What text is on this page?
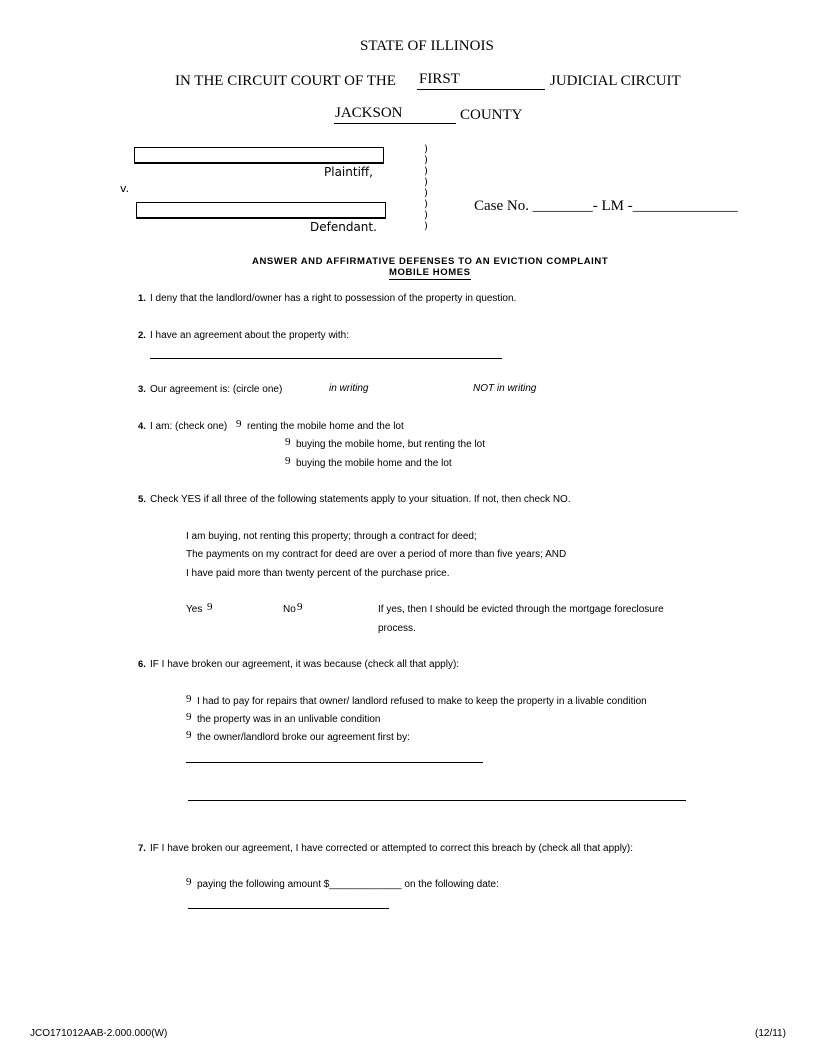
STATE OF ILLINOIS
IN THE CIRCUIT COURT OF THE FIRST	JUDICIAL CIRCUIT
JACKSON	COUNTY
Plaintiff,
v.
Defendant.
)
)
)
)
)
)
)
)
Case No. ________- LM -______________
ANSWER AND AFFIRMATIVE DEFENSES TO AN EVICTION COMPLAINT
MOBILE HOMES
1. I deny that the landlord/owner has a right to possession of the property in question.
2. I have an agreement about the property with:
3. Our agreement is: (circle one)	in writing	NOT in writing
4. I am: (check one) 9 renting the mobile home and the lot
9 buying the mobile home, but renting the lot
9 buying the mobile home and the lot
5. Check YES if all three of the following statements apply to your situation. If not, then check NO.
I am buying, not renting this property; through a contract for deed;
The payments on my contract for deed are over a period of more than five years; AND
I have paid more than twenty percent of the purchase price.
Yes 9	No 9	If yes, then I should be evicted through the mortgage foreclosure
process.
6. IF I have broken our agreement, it was because (check all that apply):
9 I had to pay for repairs that owner/ landlord refused to make to keep the property in a livable condition
9 the property was in an unlivable condition
9 the owner/landlord broke our agreement first by:
7. IF I have broken our agreement, I have corrected or attempted to correct this breach by (check all that apply):
9 paying the following amount $_____________ on the following date:
JCO171012AAB-2.000.000(W)	(12/11)
